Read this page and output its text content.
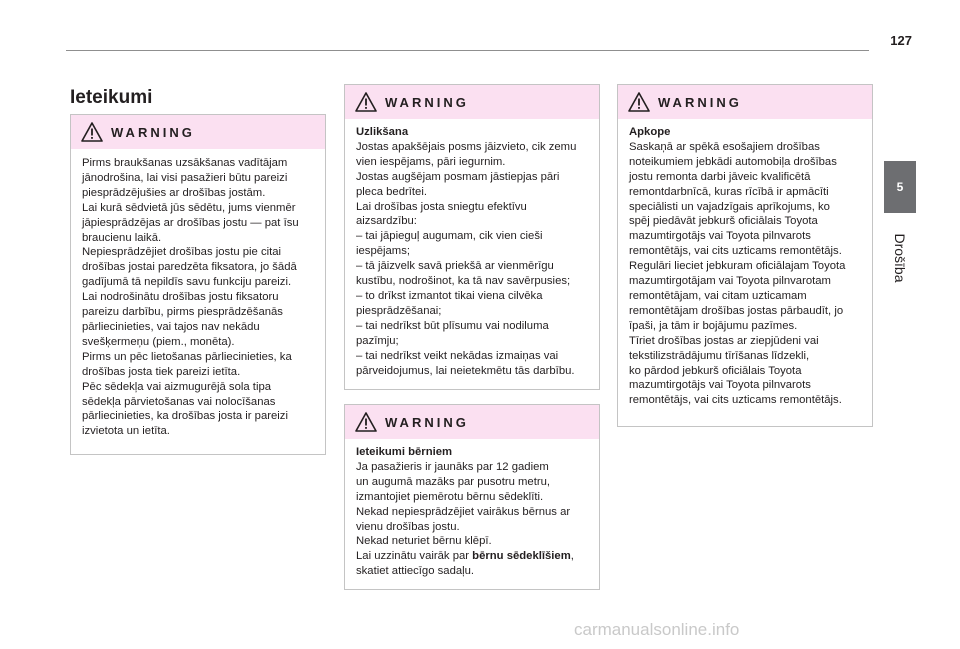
127
5
Drošība
Ieteikumi
WARNING
Pirms braukšanas uzsākšanas vadītājam
jānodrošina, lai visi pasažieri būtu pareizi
piesprādzējušies ar drošības jostām.
Lai kurā sēdvietā jūs sēdētu, jums vienmēr
jāpiesprādzējas ar drošības jostu — pat īsu
braucienu laikā.
Nepiesprādzējiet drošības jostu pie citai
drošības jostai paredzēta fiksatora, jo šādā
gadījumā tā nepildīs savu funkciju pareizi.
Lai nodrošinātu drošības jostu fiksatoru
pareizu darbību, pirms piesprādzēšanās
pārliecinieties, vai tajos nav nekādu
svešķermeņu (piem., monēta).
Pirms un pēc lietošanas pārliecinieties, ka
drošības josta tiek pareizi ietīta.
Pēc sēdekļa vai aizmugurējā sola tipa
sēdekļa pārvietošanas vai nolocīšanas
pārliecinieties, ka drošības josta ir pareizi
izvietota un ietīta.
WARNING
Uzlikšana
Jostas apakšējais posms jāizvieto, cik zemu
vien iespējams, pāri iegurnim.
Jostas augšējam posmam jāstiepjas pāri
pleca bedrītei.
Lai drošības josta sniegtu efektīvu
aizsardzību:
– tai jāpieguļ augumam, cik vien cieši
iespējams;
– tā jāizvelk savā priekšā ar vienmērīgu
kustību, nodrošinot, ka tā nav savērpusies;
– to drīkst izmantot tikai viena cilvēka
piesprādzēšanai;
– tai nedrīkst būt plīsumu vai nodiluma
pazīmju;
– tai nedrīkst veikt nekādas izmaiņas vai
pārveidojumus, lai neietekmētu tās darbību.
WARNING
Ieteikumi bērniem
Ja pasažieris ir jaunāks par 12 gadiem
un augumā mazāks par pusotru metru,
izmantojiet piemērotu bērnu sēdeklīti.
Nekad nepiesprādzējiet vairākus bērnus ar
vienu drošības jostu.
Nekad neturiet bērnu klēpī.
Lai uzzinātu vairāk par bērnu sēdeklīšiem,
skatiet attiecīgo sadaļu.
WARNING
Apkope
Saskaņā ar spēkā esošajiem drošības
noteikumiem jebkādi automobiļa drošības
jostu remonta darbi jāveic kvalificētā
remontdarbnīcā, kuras rīcībā ir apmācīti
speciālisti un vajadzīgais aprīkojums, ko
spēj piedāvāt jebkurš oficiālais Toyota
mazumtirgotājs vai Toyota pilnvarots
remontētājs, vai cits uzticams remontētājs.
Regulāri lieciet jebkuram oficiālajam Toyota
mazumtirgotājam vai Toyota pilnvarotam
remontētājam, vai citam uzticamam
remontētājam drošības jostas pārbaudīt, jo
īpaši, ja tām ir bojājumu pazīmes.
Tīriet drošības jostas ar ziepjūdeni vai
tekstilizstrādājumu tīrīšanas līdzekli,
ko pārdod jebkurš oficiālais Toyota
mazumtirgotājs vai Toyota pilnvarots
remontētājs, vai cits uzticams remontētājs.
carmanualsonline.info
